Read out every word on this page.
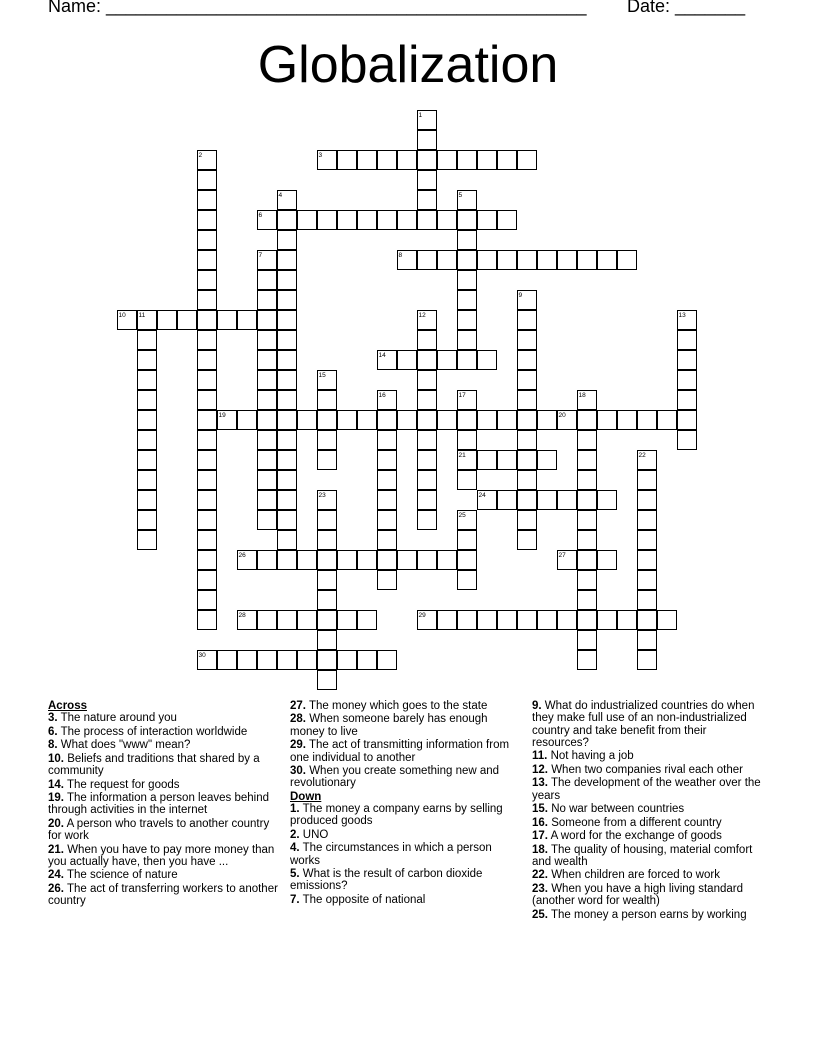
Name: ________________________________________________ Date: _______
Globalization
1
2	3
4	5
6
7	8
9
10 11	12	13
14
15
16	17
21
18
19	20
22
23	24
25
26	27
28	29
30
Across
3. The nature around you
6. The process of interaction worldwide
8. What does "www" mean?
10. Beliefs and traditions that shared by a community
14. The request for goods
19. The information a person leaves behind through activities in the internet
20. A person who travels to another country for work
21. When you have to pay more money than you actually have, then you have ...
24. The science of nature
26. The act of transferring workers to another country
27. The money which goes to the state
28. When someone barely has enough money to live
29. The act of transmitting information from one individual to another
30. When you create something new and revolutionary
Down
1. The money a company earns by selling produced goods
2. UNO
4. The circumstances in which a person works
5. What is the result of carbon dioxide emissions?
7. The opposite of national
9. What do industrialized countries do when they make full use of an non-industrialized country and take benefit from their resources?
11. Not having a job
12. When two companies rival each other
13. The development of the weather over the years
15. No war between countries
16. Someone from a different country
17. A word for the exchange of goods
18. The quality of housing, material comfort and wealth
22. When children are forced to work
23. When you have a high living standard (another word for wealth)
25. The money a person earns by working
